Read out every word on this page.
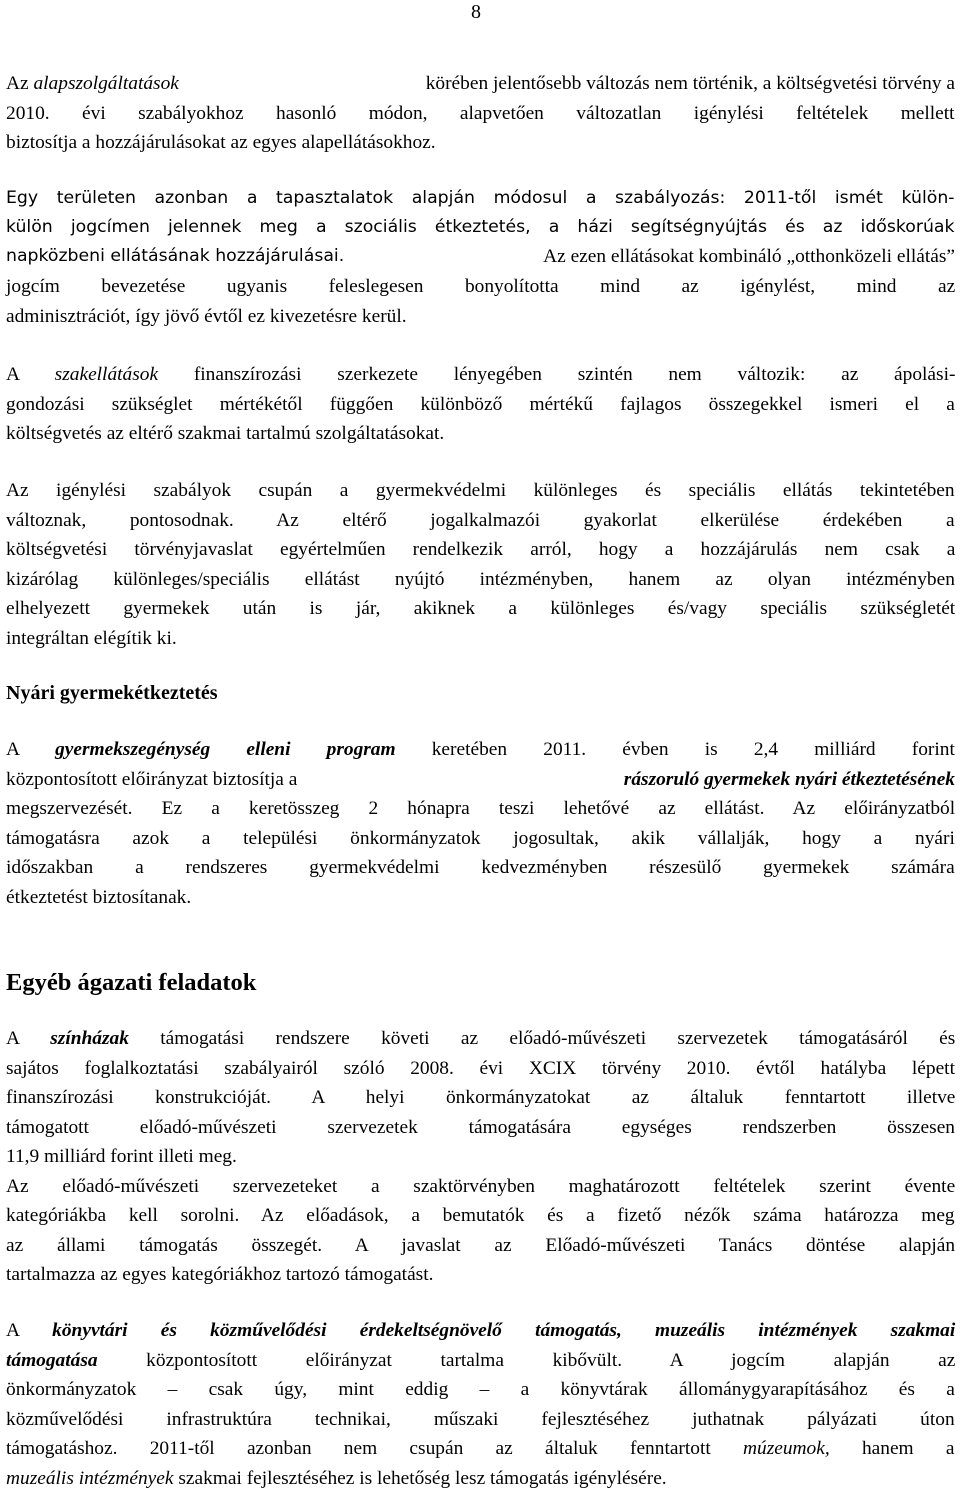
8
Az alapszolgáltatások	körében jelentősebb változás nem történik, a költségvetési törvény a
2010. évi szabályokhoz hasonló módon, alapvetően változatlan igénylési feltételek mellett
biztosítja a hozzájárulásokat az egyes alapellátásokhoz.
Egy területen azonban a tapasztalatok alapján módosul a szabályozás: 2011-től ismét külön-
külön jogcímen jelennek meg a szociális étkeztetés, a házi segítségnyújtás és az időskorúak
napközbeni ellátásának hozzájárulásai.	Az ezen ellátásokat kombináló „otthonközeli ellátás”
jogcím bevezetése ugyanis feleslegesen bonyolította mind az igénylést, mind az
adminisztrációt, így jövő évtől ez kivezetésre kerül.
A szakellátások finanszírozási szerkezete lényegében szintén nem változik: az ápolási-
gondozási szükséglet mértékétől függően különböző mértékű fajlagos összegekkel ismeri el a
költségvetés az eltérő szakmai tartalmú szolgáltatásokat.
Az igénylési szabályok csupán a gyermekvédelmi különleges és speciális ellátás tekintetében
változnak, pontosodnak. Az eltérő jogalkalmazói gyakorlat elkerülése érdekében a
költségvetési törvényjavaslat egyértelműen rendelkezik arról, hogy a hozzájárulás nem csak a
kizárólag különleges/speciális ellátást nyújtó intézményben, hanem az olyan intézményben
elhelyezett gyermekek után is jár, akiknek a különleges és/vagy speciális szükségletét
integráltan elégítik ki.
Nyári gyermekétkeztetés
A gyermekszegénység elleni program keretében 2011. évben is 2,4 milliárd forint
központosított előirányzat biztosítja a	rászoruló gyermekek nyári étkeztetésének
megszervezését. Ez a keretösszeg 2 hónapra teszi lehetővé az ellátást. Az előirányzatból
támogatásra azok a települési önkormányzatok jogosultak, akik vállalják, hogy a nyári
időszakban a rendszeres gyermekvédelmi kedvezményben részesülő gyermekek számára
étkeztetést biztosítanak.
Egyéb ágazati feladatok
A színházak támogatási rendszere követi az előadó-művészeti szervezetek támogatásáról és
sajátos foglalkoztatási szabályairól szóló 2008. évi XCIX törvény 2010. évtől hatályba lépett
finanszírozási konstrukcióját. A helyi önkormányzatokat az általuk fenntartott illetve
támogatott előadó-művészeti szervezetek támogatására egységes rendszerben összesen
11,9 milliárd forint illeti meg.
Az előadó-művészeti szervezeteket a szaktörvényben maghatározott feltételek szerint évente
kategóriákba kell sorolni. Az előadások, a bemutatók és a fizető nézők száma határozza meg
az állami támogatás összegét. A javaslat az Előadó-művészeti Tanács döntése alapján
tartalmazza az egyes kategóriákhoz tartozó támogatást.
A könyvtári és közművelődési érdekeltségnövelő támogatás, muzeális intézmények szakmai
támogatása központosított előirányzat tartalma kibővült. A jogcím alapján az
önkormányzatok – csak úgy, mint eddig – a könyvtárak állománygyarapításához és a
közművelődési infrastruktúra technikai, műszaki fejlesztéséhez juthatnak pályázati úton
támogatáshoz. 2011-től azonban nem csupán az általuk fenntartott múzeumok, hanem a
muzeális intézmények szakmai fejlesztéséhez is lehetőség lesz támogatás igénylésére.
